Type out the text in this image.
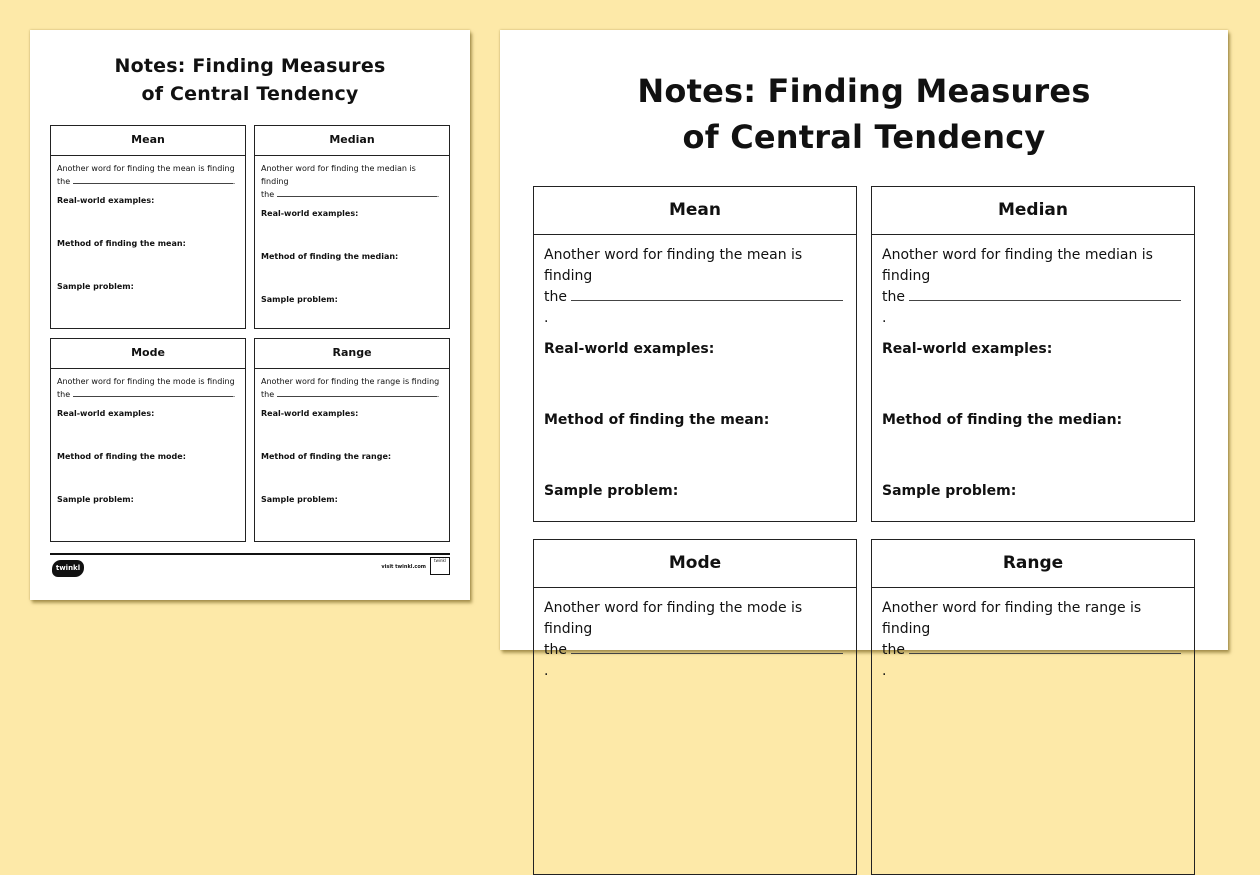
Notes: Finding Measures
of Central Tendency
Mean
Another word for finding the mean is finding
the	.
Real-world examples:
Method of finding the mean:
Sample problem:
Median
Another word for finding the median is finding
the	.
Real-world examples:
Method of finding the median:
Sample problem:
Mode
Another word for finding the mode is finding
the	.
Real-world examples:
Method of finding the mode:
Sample problem:
Range
Another word for finding the range is finding
the	.
Real-world examples:
Method of finding the range:
Sample problem:
twinkl	visit twinkl.com
twinkl
Notes: Finding Measures
of Central Tendency
Mean
Another word for finding the mean is finding
the .
Real-world examples:
Method of finding the mean:
Sample problem:
Median
Another word for finding the median is finding
the .
Real-world examples:
Method of finding the median:
Sample problem:
Mode
Another word for finding the mode is finding
the .
Range
Another word for finding the range is finding
the .
